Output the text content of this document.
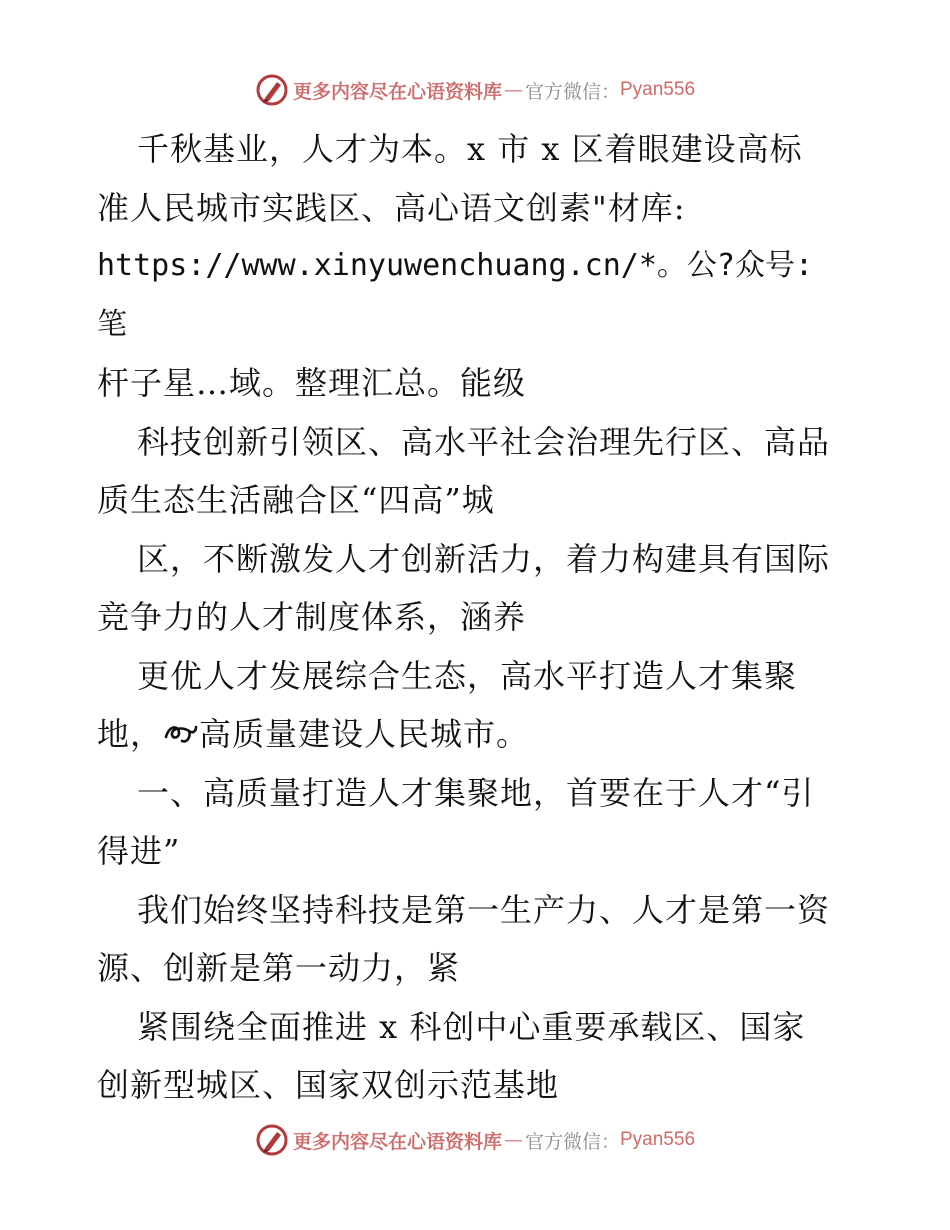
更多内容尽在心语资料库 — 官方微信： Pyan556

千秋基业，人才为本。x 市 x 区着眼建设高标
准人民城市实践区、高心语文创素"材库:
https://www.xinyuwenchuang.cn/*。公?众号: 笔
杆子星…域。整理汇总。能级

科技创新引领区、高水平社会治理先行区、高品
质生态生活融合区“四高”城

区，不断激发人才创新活力，着力构建具有国际
竞争力的人才制度体系，涵养

更优人才发展综合生态，高水平打造人才集聚
地， 高质量建设人民城市。

一、高质量打造人才集聚地，首要在于人才“引
得进”

我们始终坚持科技是第一生产力、人才是第一资
源、创新是第一动力，紧

紧围绕全面推进 x 科创中心重要承载区、国家
创新型城区、国家双创示范基地

更多内容尽在心语资料库 — 官方微信： Pyan556
